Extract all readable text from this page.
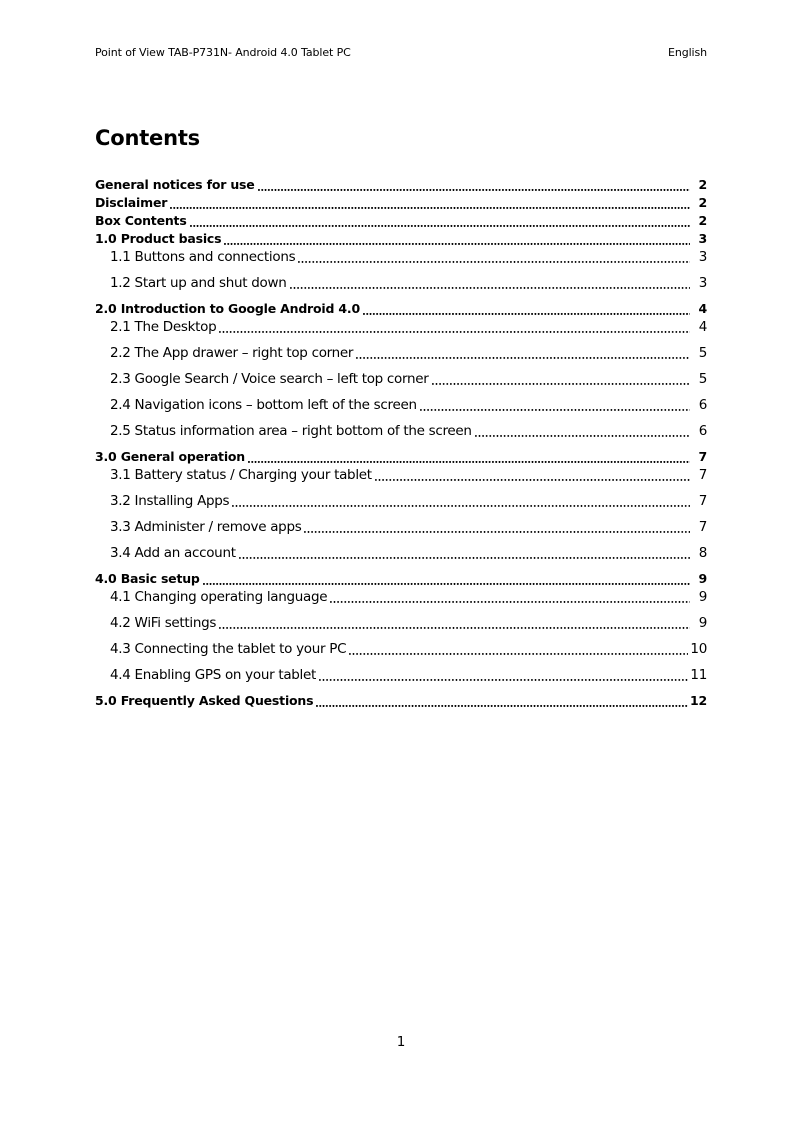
Point of View TAB-P731N- Android 4.0 Tablet PC	English
Contents
General notices for use	2
Disclaimer	2
Box Contents	2
1.0 Product basics	3
1.1 Buttons and connections	3
1.2 Start up and shut down	3
2.0 Introduction to Google Android 4.0	4
2.1 The Desktop	4
2.2 The App drawer – right top corner	5
2.3 Google Search / Voice search – left top corner	5
2.4 Navigation icons – bottom left of the screen	6
2.5 Status information area – right bottom of the screen	6
3.0 General operation	7
3.1 Battery status / Charging your tablet	7
3.2 Installing Apps	7
3.3 Administer / remove apps	7
3.4 Add an account	8
4.0 Basic setup	9
4.1 Changing operating language	9
4.2 WiFi settings	9
4.3 Connecting the tablet to your PC	10
4.4 Enabling GPS on your tablet	11
5.0 Frequently Asked Questions	12
1
